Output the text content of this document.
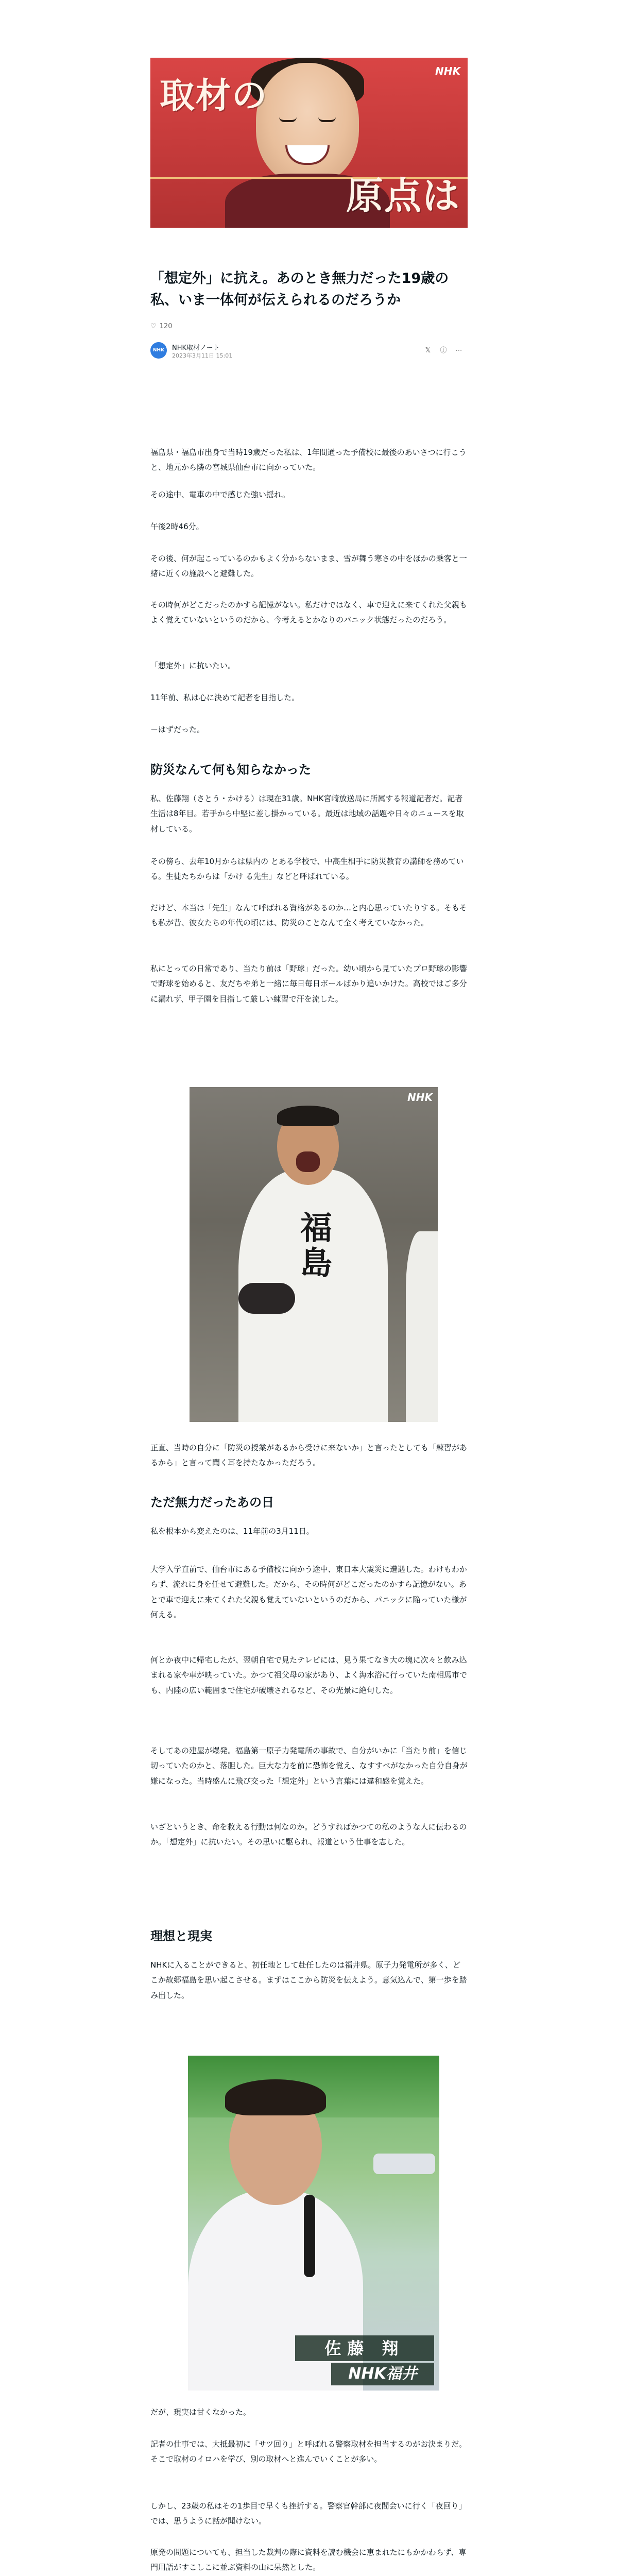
取材の
原点は
NHK
「想定外」に抗え。あのとき無力だった19歳の私、いま一体何が伝えられるのだろうか
♡ 120
NHK	NHK取材ノート
2023年3月11日 15:01
𝕏	ⓕ	⋯

福島県・福島市出身で当時19歳だった私は、1年間通った予備校に最後のあいさつに行こうと、地元から隣の宮城県仙台市に向かっていた。

その途中、電車の中で感じた強い揺れ。

午後2時46分。

その後、何が起こっているのかもよく分からないまま、雪が舞う寒さの中をほかの乗客と一緒に近くの施設へと避難した。

その時何がどこだったのかすら記憶がない。私だけではなく、車で迎えに来てくれた父親もよく覚えていないというのだから、今考えるとかなりのパニック状態だったのだろう。

「想定外」に抗いたい。

11年前、私は心に決めて記者を目指した。

－はずだった。

防災なんて何も知らなかった

私、佐藤翔（さとう・かける）は現在31歳。NHK宮崎放送局に所属する報道記者だ。記者生活は8年目。若手から中堅に差し掛かっている。最近は地域の話題や日々のニュースを取材している。

その傍ら、去年10月からは県内の とある学校で、中高生相手に防災教育の講師を務めている。生徒たちからは「かけ る先生」などと呼ばれている。

だけど、本当は「先生」なんて呼ばれる資格があるのか…と内心思っていたりする。そもそも私が昔、彼女たちの年代の頃には、防災のことなんて全く考えていなかった。

私にとっての日常であり、当たり前は「野球」だった。幼い頃から見ていたプロ野球の影響で野球を始めると、友だちや弟と一緒に毎日毎日ボールばかり追いかけた。高校ではご多分に漏れず、甲子園を目指して厳しい練習で汗を流した。

福
島
NHK

正直、当時の自分に「防災の授業があるから受けに来ないか」と言ったとしても「練習があるから」と言って聞く耳を持たなかっただろう。

ただ無力だったあの日

私を根本から変えたのは、11年前の3月11日。

大学入学直前で、仙台市にある予備校に向かう途中、東日本大震災に遭遇した。わけもわからず、流れに身を任せて避難した。だから、その時何がどこだったのかすら記憶がない。あとで車で迎えに来てくれた父親も覚えていないというのだから、パニックに陥っていた様が何える。

何とか夜中に帰宅したが、翌朝自宅で見たテレビには、見う果てなき大の塊に次々と飲み込まれる家や車が映っていた。かつて祖父母の家があり、よく海水浴に行っていた南相馬市でも、内陸の広い範囲まで住宅が破壊されるなど、その光景に絶句した。

そしてあの建屋が爆発。福島第一原子力発電所の事故で、自分がいかに「当たり前」を信じ切っていたのかと、落胆した。巨大な力を前に恐怖を覚え、なすすべがなかった自分自身が嫌になった。当時盛んに飛び交った「想定外」という言葉には違和感を覚えた。

いざというとき、命を救える行動は何なのか。どうすればかつての私のような人に伝わるのか。「想定外」に抗いたい。その思いに駆られ、報道という仕事を志した。

理想と現実

NHKに入ることができると、初任地として赴任したのは福井県。原子力発電所が多く、どこか故郷福島を思い起こさせる。まずはここから防災を伝えよう。意気込んで、第一歩を踏み出した。

佐藤 翔
NHK福井

だが、現実は甘くなかった。

記者の仕事では、大抵最初に「サツ回り」と呼ばれる警察取材を担当するのがお決まりだ。そこで取材のイロハを学び、別の取材へと進んでいくことが多い。

しかし、23歳の私はその1歩目で早くも挫折する。警察官幹部に夜間会いに行く「夜回り」では、思うように話が聞けない。

原発の問題についても、担当した裁判の際に資料を読む機会に恵まれたにもかかわらず、専門用語がすこしこに並ぶ資料の山に呆然とした。
